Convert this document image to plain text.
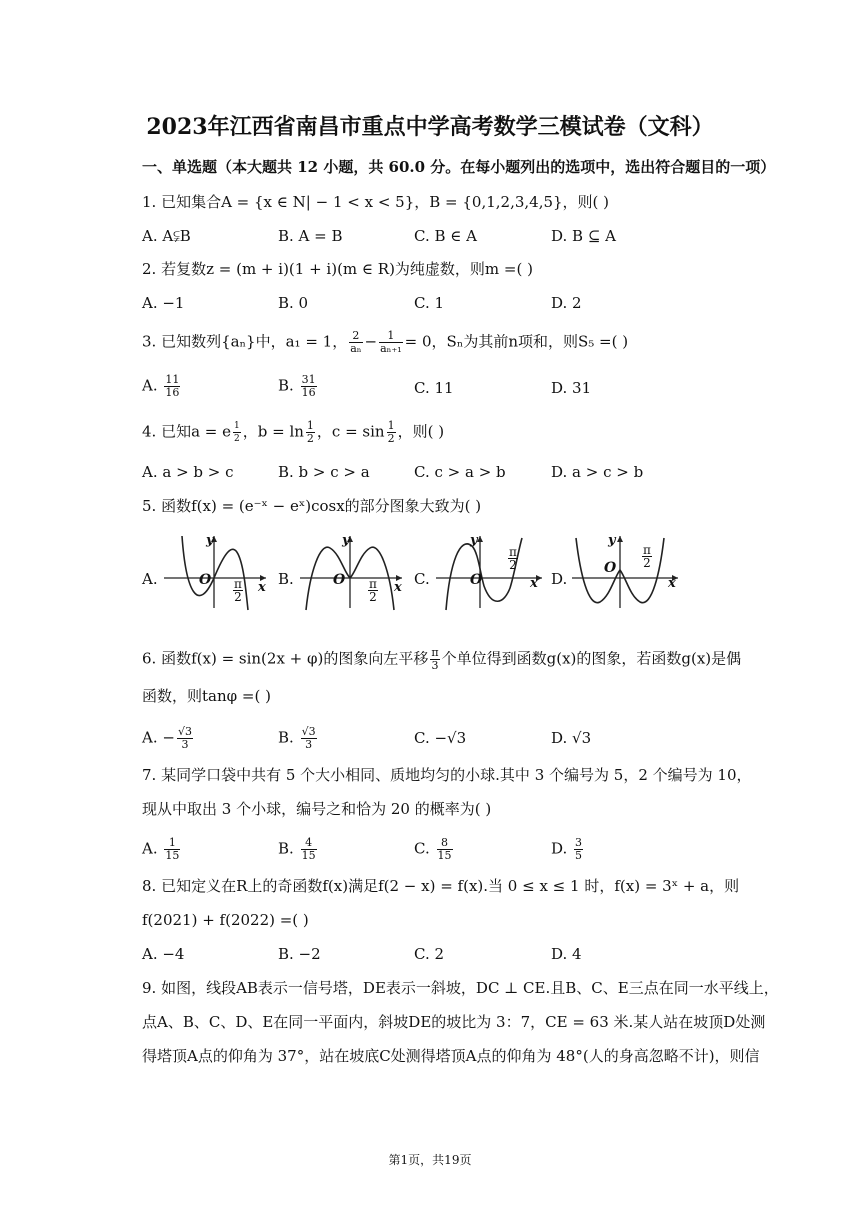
2023年江西省南昌市重点中学高考数学三模试卷（文科）
一、单选题（本大题共 12 小题，共 60.0 分。在每小题列出的选项中，选出符合题目的一项）
1. 已知集合A = {x ∈ N| − 1 < x < 5}，B = {0,1,2,3,4,5}，则( )
A. A⫋B	B. A = B	C. B ∈ A	D. B ⊆ A
2. 若复数z = (m + i)(1 + i)(m ∈ R)为纯虚数，则m =( )
A. −1	B. 0	C. 1	D. 2
3. 已知数列{aₙ}中，a₁ = 1， $\frac{2}{\text{aₙ}} - \frac{1}{\text{aₙ₊₁}} = 0$，Sₙ为其前n项和，则S₅ =( )
A. $\frac{11}{16}$	B. $\frac{31}{16}$	C. 11	D. 31
4. 已知a = e $^{\frac{1}{2}}$ ，$b = \ln \frac{1}{2}$ ，$c = \sin \frac{1}{2}$ ，则( )
A. a > b > c	B. b > c > a	C. c > a > b	D. a > c > b
5. 函数f(x) = (e⁻ˣ − eˣ)cosx的部分图象大致为( )
A.	B.	C.	D.
y
x
O $\frac{\pi}{2}$
y
x
O $\frac{\pi}{2}$
y
x
O
$\frac{\pi}{2}$
y
x
O $\frac{\pi}{2}$
6. 函数f(x) = sin(2x + φ)的图象向左平移 $\frac{\pi}{3}$ 个单位得到函数g(x)的图象，若函数g(x)是偶
函数，则tanφ =( )
A. − $\frac{√3}{3}$	B. $\frac{√3}{3}$	C. −√3	D. √3
7. 某同学口袋中共有 5 个大小相同、质地均匀的小球.其中 3 个编号为 5，2 个编号为 10，
现从中取出 3 个小球，编号之和恰为 20 的概率为( )
A. $\frac{1}{15}$	B. $\frac{4}{15}$	C. $\frac{8}{15}$	D. $\frac{3}{5}$
8. 已知定义在R上的奇函数f(x)满足f(2 − x) = f(x).当 0 ≤ x ≤ 1 时，f(x) = 3ˣ + a，则
f(2021) + f(2022) =( )
A. −4	B. −2	C. 2	D. 4
9. 如图，线段AB表示一信号塔，DE表示一斜坡，DC ⊥ CE.且B、C、E三点在同一水平线上，
点A、B、C、D、E在同一平面内，斜坡DE的坡比为 3：7，CE = 63 米.某人站在坡顶D处测
得塔顶A点的仰角为 37°，站在坡底C处测得塔顶A点的仰角为 48°(人的身高忽略不计)，则信
第1页，共19页
